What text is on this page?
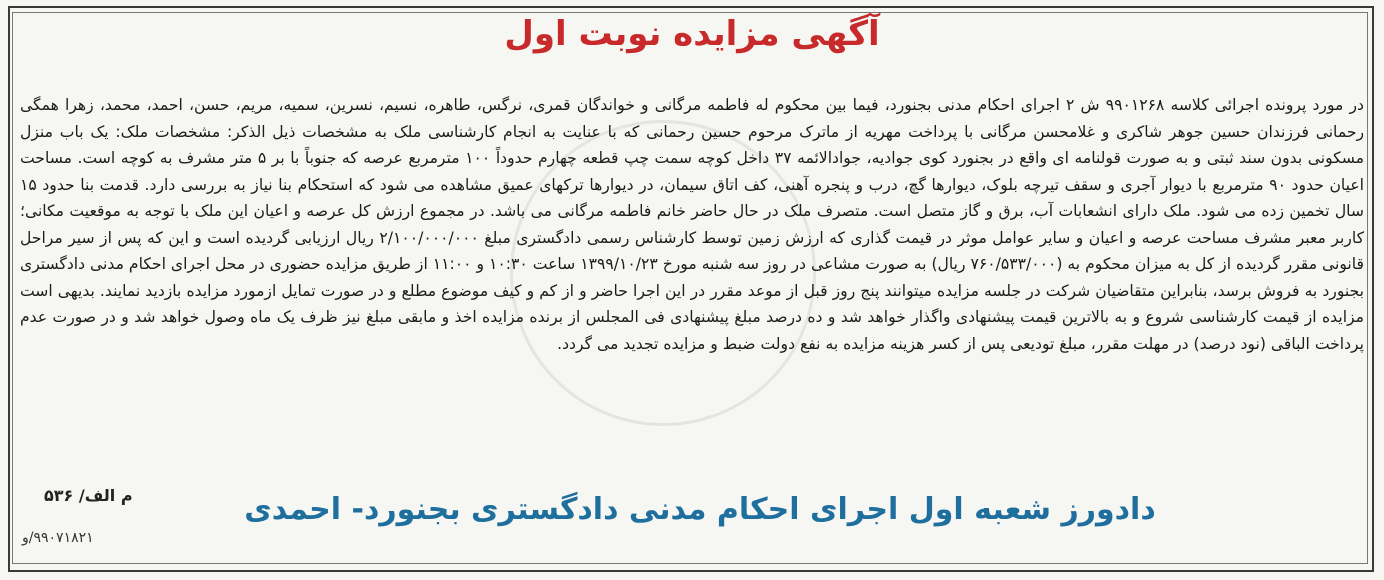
آگهی مزایده نوبت اول
در مورد پرونده اجرائی کلاسه ۹۹۰۱۲۶۸ ش ۲ اجرای احکام مدنی بجنورد، فیما بین محکوم له فاطمه مرگانی و خواندگان قمری، نرگس، طاهره، نسیم، نسرین، سمیه، مریم، حسن، احمد، محمد، زهرا همگی رحمانی فرزندان حسین جوهر شاکری و غلامحسن مرگانی با پرداخت مهریه از ماترک مرحوم حسین رحمانی که با عنایت به انجام کارشناسی ملک به مشخصات ذیل الذکر: مشخصات ملک: یک باب منزل مسکونی بدون سند ثبتی و به صورت قولنامه ای واقع در بجنورد کوی جوادیه، جوادالائمه ۳۷ داخل کوچه سمت چپ قطعه چهارم حدوداً ۱۰۰ مترمربع عرصه که جنوباً با بر ۵ متر مشرف به کوچه است. مساحت اعیان حدود ۹۰ مترمربع با دیوار آجری و سقف تیرچه بلوک، دیوارها گچ، درب و پنجره آهنی، کف اتاق سیمان، در دیوارها ترکهای عمیق مشاهده می شود که استحکام بنا نیاز به بررسی دارد. قدمت بنا حدود ۱۵ سال تخمین زده می شود. ملک دارای انشعابات آب، برق و گاز متصل است. متصرف ملک در حال حاضر خانم فاطمه مرگانی می باشد. در مجموع ارزش کل عرصه و اعیان این ملک با توجه به موقعیت مکانی؛ کاربر معبر مشرف مساحت عرصه و اعیان و سایر عوامل موثر در قیمت گذاری که ارزش زمین توسط کارشناس رسمی دادگستری مبلغ ۲/۱۰۰/۰۰۰/۰۰۰ ریال ارزیابی گردیده است و این که پس از سیر مراحل قانونی مقرر گردیده از کل به میزان محکوم به (۷۶۰/۵۳۳/۰۰۰ ریال) به صورت مشاعی در روز سه شنبه مورخ ۱۳۹۹/۱۰/۲۳ ساعت ۱۰:۳۰ و ۱۱:۰۰ از طریق مزایده حضوری در محل اجرای احکام مدنی دادگستری بجنورد به فروش برسد، بنابراین متقاضیان شرکت در جلسه مزایده میتوانند پنج روز قبل از موعد مقرر در این اجرا حاضر و از کم و کیف موضوع مطلع و در صورت تمایل ازمورد مزایده بازدید نمایند. بدیهی است مزایده از قیمت کارشناسی شروع و به بالاترین قیمت پیشنهادی واگذار خواهد شد و ده درصد مبلغ پیشنهادی فی المجلس از برنده مزایده اخذ و مابقی مبلغ نیز ظرف یک ماه وصول خواهد شد و در صورت عدم پرداخت الباقی (نود درصد) در مهلت مقرر، مبلغ تودیعی پس از کسر هزینه مزایده به نفع دولت ضبط و مزایده تجدید می گردد.
م الف/ ۵۳۶	دادورز شعبه اول اجرای احکام مدنی دادگستری بجنورد- احمدی
۹۹۰۷۱۸۲۱/و
